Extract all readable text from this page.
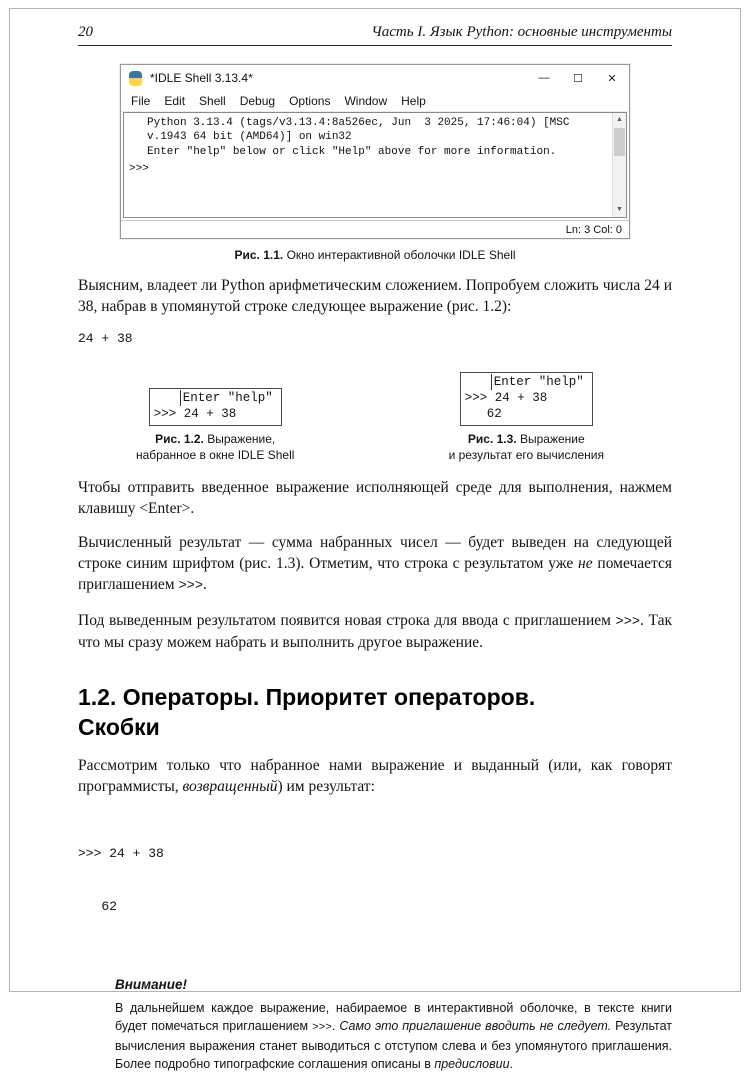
20	Часть I. Язык Python: основные инструменты
*IDLE Shell 3.13.4*	—	☐	✕
File	Edit	Shell	Debug	Options	Window	Help
Python 3.13.4 (tags/v3.13.4:8a526ec, Jun  3 2025, 17:46:04) [MSC
v.1943 64 bit (AMD64)] on win32
Enter "help" below or click "Help" above for more information.
>>>
▲
▼
Ln: 3 Col: 0
Рис. 1.1. Окно интерактивной оболочки IDLE Shell

Выясним, владеет ли Python арифметическим сложением. Попробуем сложить числа 24 и 38, набрав в упомянутой строке следующее выражение (рис. 1.2):

24 + 38
Enter "help"
>>> 24 + 38
Рис. 1.2. Выражение,
набранное в окне IDLE Shell
Enter "help"
>>> 24 + 38
62
Рис. 1.3. Выражение
и результат его вычисления

Чтобы отправить введенное выражение исполняющей среде для выполнения, нажмем клавишу <Enter>.

Вычисленный результат — сумма набранных чисел — будет выведен на следующей строке синим шрифтом (рис. 1.3). Отметим, что строка с результатом уже не помечается приглашением >>>.

Под выведенным результатом появится новая строка для ввода с приглашением >>>. Так что мы сразу можем набрать и выполнить другое выражение.

1.2. Операторы. Приоритет операторов.
Скобки

Рассмотрим только что набранное нами выражение и выданный (или, как говорят программисты, возвращенный) им результат:

>>> 24 + 38

62

Внимание!
В дальнейшем каждое выражение, набираемое в интерактивной оболочке, в тексте книги будет помечаться приглашением >>>. Само это приглашение вводить не следует. Результат вычисления выражения станет выводиться с отступом слева и без упомянутого приглашения. Более подробно типографские соглашения описаны в предисловии.
